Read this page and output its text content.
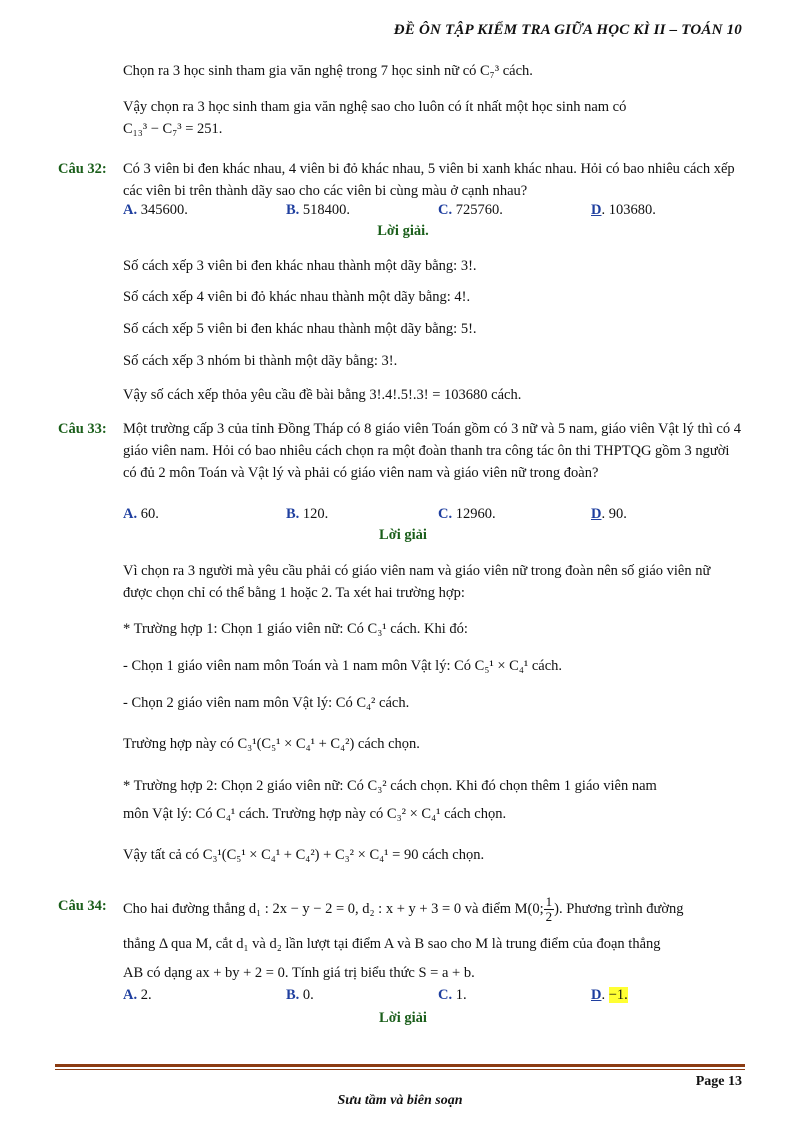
ĐỀ ÔN TẬP KIỂM TRA GIỮA HỌC KÌ II – TOÁN 10
Chọn ra 3 học sinh tham gia văn nghệ trong 7 học sinh nữ có C₇³ cách.
Vậy chọn ra 3 học sinh tham gia văn nghệ sao cho luôn có ít nhất một học sinh nam có
C₁₃³ − C₇³ = 251.
Câu 32: Có 3 viên bi đen khác nhau, 4 viên bi đỏ khác nhau, 5 viên bi xanh khác nhau. Hỏi có bao nhiêu cách xếp các viên bi trên thành dãy sao cho các viên bi cùng màu ở cạnh nhau?
A. 345600.	B. 518400.	C. 725760.	D. 103680.
Lời giải.
Số cách xếp 3 viên bi đen khác nhau thành một dãy bằng: 3!.
Số cách xếp 4 viên bi đỏ khác nhau thành một dãy bằng: 4!.
Số cách xếp 5 viên bi đen khác nhau thành một dãy bằng: 5!.
Số cách xếp 3 nhóm bi thành một dãy bằng: 3!.
Vậy số cách xếp thỏa yêu cầu đề bài bằng 3!.4!.5!.3! = 103680 cách.
Câu 33: Một trường cấp 3 của tỉnh Đồng Tháp có 8 giáo viên Toán gồm có 3 nữ và 5 nam, giáo viên Vật lý thì có 4 giáo viên nam. Hỏi có bao nhiêu cách chọn ra một đoàn thanh tra công tác ôn thi THPTQG gồm 3 người có đủ 2 môn Toán và Vật lý và phải có giáo viên nam và giáo viên nữ trong đoàn?
A. 60.	B. 120.	C. 12960.	D. 90.
Lời giải
Vì chọn ra 3 người mà yêu cầu phải có giáo viên nam và giáo viên nữ trong đoàn nên số giáo viên nữ được chọn chỉ có thể bằng 1 hoặc 2. Ta xét hai trường hợp:
* Trường hợp 1: Chọn 1 giáo viên nữ: Có C₃¹ cách. Khi đó:
- Chọn 1 giáo viên nam môn Toán và 1 nam môn Vật lý: Có C₅¹ × C₄¹ cách.
- Chọn 2 giáo viên nam môn Vật lý: Có C₄² cách.
Trường hợp này có C₃¹(C₅¹ × C₄¹ + C₄²) cách chọn.
* Trường hợp 2: Chọn 2 giáo viên nữ: Có C₃² cách chọn. Khi đó chọn thêm 1 giáo viên nam
môn Vật lý: Có C₄¹ cách. Trường hợp này có C₃² × C₄¹ cách chọn.
Vậy tất cả có C₃¹(C₅¹ × C₄¹ + C₄²) + C₃² × C₄¹ = 90 cách chọn.
Câu 34: Cho hai đường thẳng d₁ : 2x − y − 2 = 0, d₂ : x + y + 3 = 0 và điểm M(0; $\frac{1}{2}$ ). Phương trình đường
thẳng Δ qua M, cắt d₁ và d₂ lần lượt tại điểm A và B sao cho M là trung điểm của đoạn thẳng
AB có dạng ax + by + 2 = 0. Tính giá trị biểu thức S = a + b.
A. 2.	B. 0.	C. 1.	D. −1.
Lời giải
Page 13
Sưu tầm và biên soạn
